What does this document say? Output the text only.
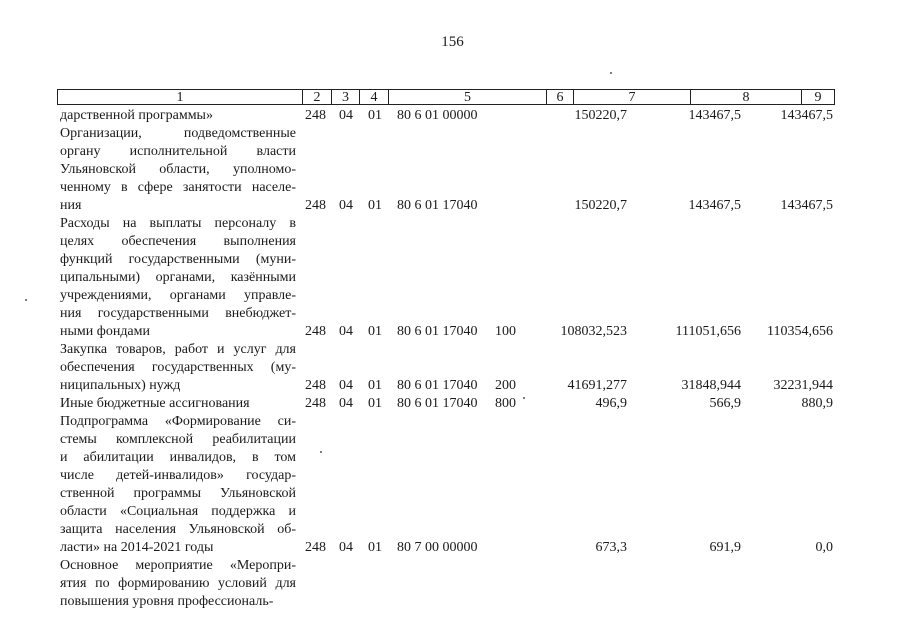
156
1	2	3	4	5	6	7	8	9
дарственной программы»	248 04 01 80 6 01 00000	150220,7	143467,5	143467,5
Организации, подведомственные
органу исполнительной власти
Ульяновской области, уполномо-
ченному в сфере занятости населе-
ния	248 04 01 80 6 01 17040	150220,7	143467,5	143467,5
Расходы на выплаты персоналу в
целях обеспечения выполнения
функций государственными (муни-
ципальными) органами, казёнными
учреждениями, органами управле-
ния государственными внебюджет-
ными фондами	248 04 01 80 6 01 17040 100	108032,523	111051,656 110354,656
Закупка товаров, работ и услуг для
обеспечения государственных (му-
ниципальных) нужд	248 04 01 80 6 01 17040 200	41691,277	31848,944 32231,944
Иные бюджетные ассигнования	248 04 01 80 6 01 17040 800	496,9	566,9	880,9
Подпрограмма «Формирование си-
стемы комплексной реабилитации
и абилитации инвалидов, в том
числе детей-инвалидов» государ-
ственной программы Ульяновской
области «Социальная поддержка и
защита населения Ульяновской об-
ласти» на 2014-2021 годы	248 04 01 80 7 00 00000	673,3	691,9	0,0
Основное мероприятие «Меропри-
ятия по формированию условий для
повышения уровня профессиональ-
